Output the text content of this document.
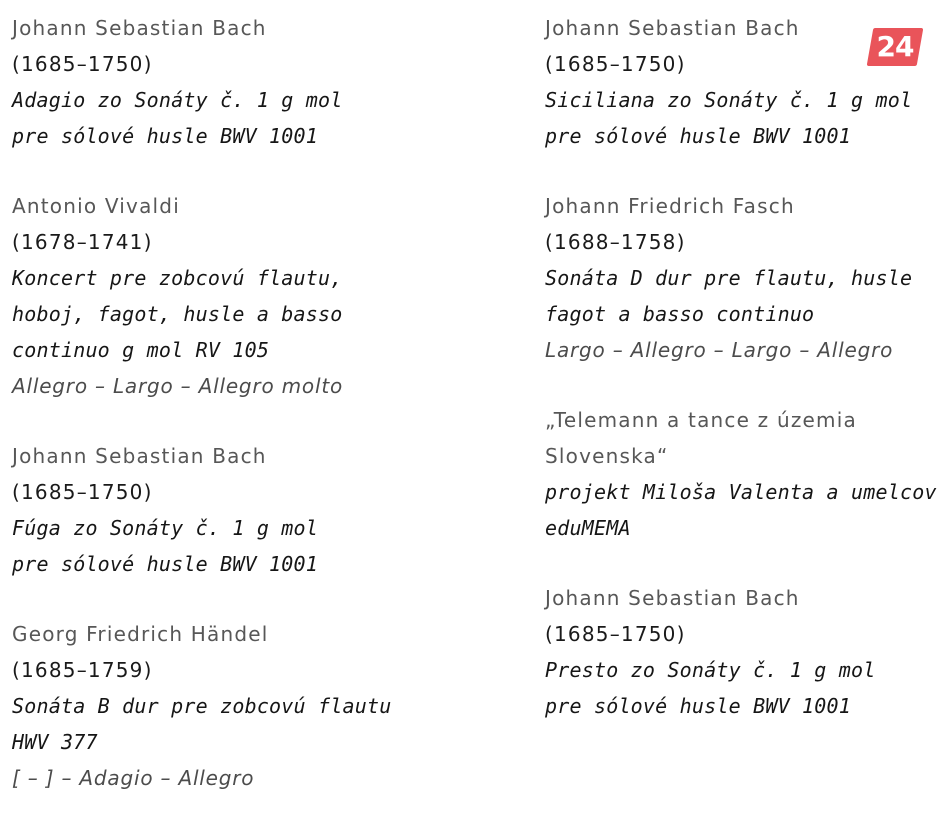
Johann Sebastian Bach
(1685–1750)
Adagio zo Sonáty č. 1 g mol
pre sólové husle BWV 1001
Antonio Vivaldi
(1678–1741)
Koncert pre zobcovú flautu,
hoboj, fagot, husle a basso
continuo g mol RV 105
Allegro – Largo – Allegro molto
Johann Sebastian Bach
(1685–1750)
Fúga zo Sonáty č. 1 g mol
pre sólové husle BWV 1001
Georg Friedrich Händel
(1685–1759)
Sonáta B dur pre zobcovú flautu
HWV 377
[ – ] – Adagio – Allegro
Johann Sebastian Bach
(1685–1750)
Siciliana zo Sonáty č. 1 g mol
pre sólové husle BWV 1001
Johann Friedrich Fasch
(1688–1758)
Sonáta D dur pre flautu, husle
fagot a basso continuo
Largo – Allegro – Largo – Allegro
„Telemann a tance z územia
Slovenska“
projekt Miloša Valenta a umelcov
eduMEMA
Johann Sebastian Bach
(1685–1750)
Presto zo Sonáty č. 1 g mol
pre sólové husle BWV 1001
24
